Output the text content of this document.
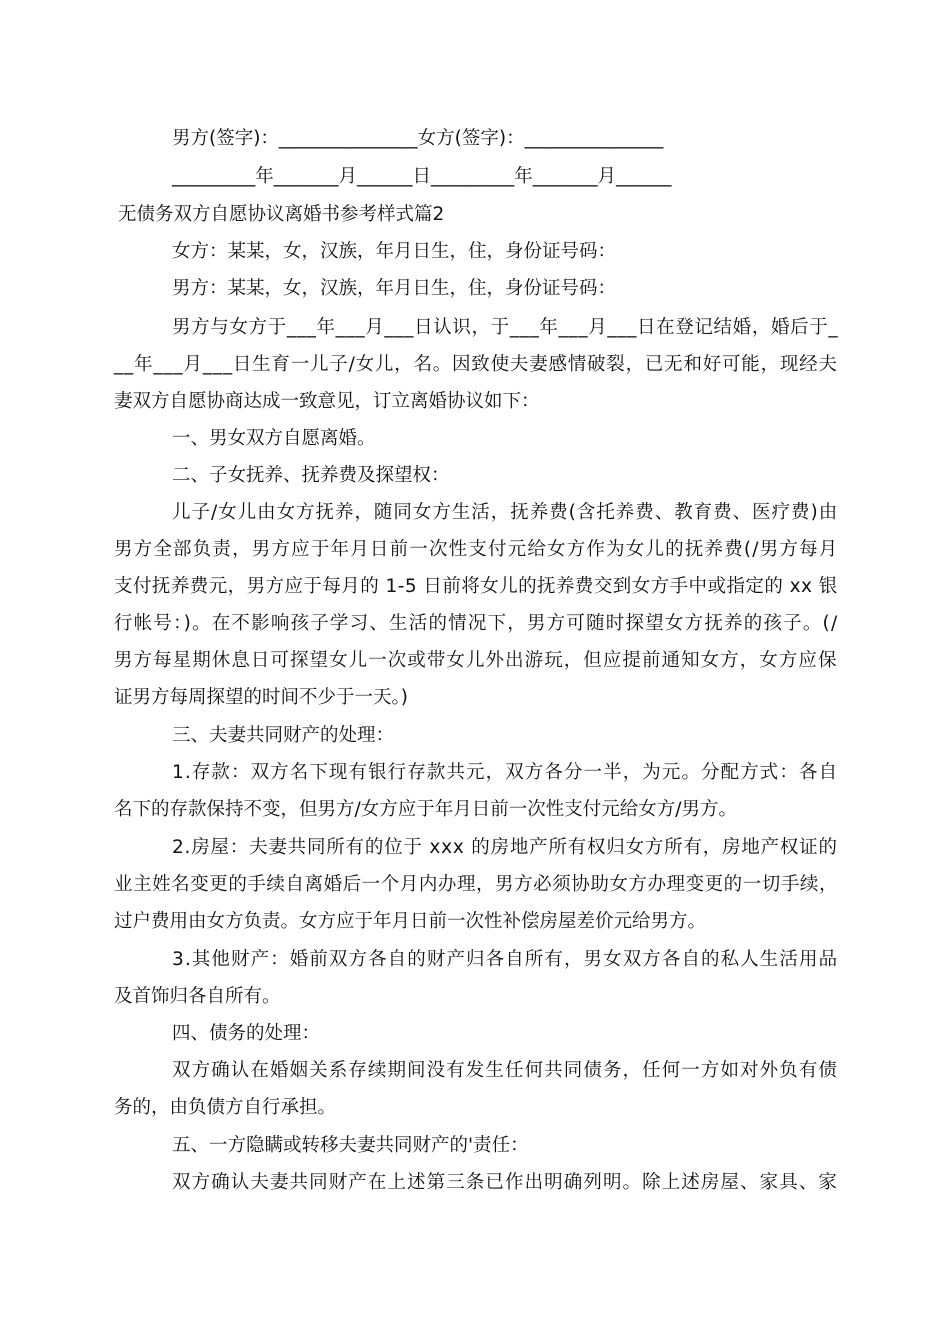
男方(签字)：_______________女方(签字)：_______________
_________年_______月______日_________年_______月______
无债务双方自愿协议离婚书参考样式篇2
女方：某某，女，汉族，年月日生，住，身份证号码：
男方：某某，女，汉族，年月日生，住，身份证号码：
男方与女方于___年___月___日认识，于___年___月___日在登记结婚，婚后于_
__年___月___日生育一儿子/女儿，名。因致使夫妻感情破裂，已无和好可能，现经夫
妻双方自愿协商达成一致意见，订立离婚协议如下：
一、男女双方自愿离婚。
二、子女抚养、抚养费及探望权：
儿子/女儿由女方抚养，随同女方生活，抚养费(含托养费、教育费、医疗费)由
男方全部负责，男方应于年月日前一次性支付元给女方作为女儿的抚养费(/男方每月
支付抚养费元，男方应于每月的 1-5 日前将女儿的抚养费交到女方手中或指定的 xx 银
行帐号：)。在不影响孩子学习、生活的情况下，男方可随时探望女方抚养的孩子。(/
男方每星期休息日可探望女儿一次或带女儿外出游玩，但应提前通知女方，女方应保
证男方每周探望的时间不少于一天。)
三、夫妻共同财产的处理：
1.存款：双方名下现有银行存款共元，双方各分一半，为元。分配方式：各自
名下的存款保持不变，但男方/女方应于年月日前一次性支付元给女方/男方。
2.房屋：夫妻共同所有的位于 xxx 的房地产所有权归女方所有，房地产权证的
业主姓名变更的手续自离婚后一个月内办理，男方必须协助女方办理变更的一切手续，
过户费用由女方负责。女方应于年月日前一次性补偿房屋差价元给男方。
3.其他财产：婚前双方各自的财产归各自所有，男女双方各自的私人生活用品
及首饰归各自所有。
四、债务的处理：
双方确认在婚姻关系存续期间没有发生任何共同债务，任何一方如对外负有债
务的，由负债方自行承担。
五、一方隐瞒或转移夫妻共同财产的'责任：
双方确认夫妻共同财产在上述第三条已作出明确列明。除上述房屋、家具、家
